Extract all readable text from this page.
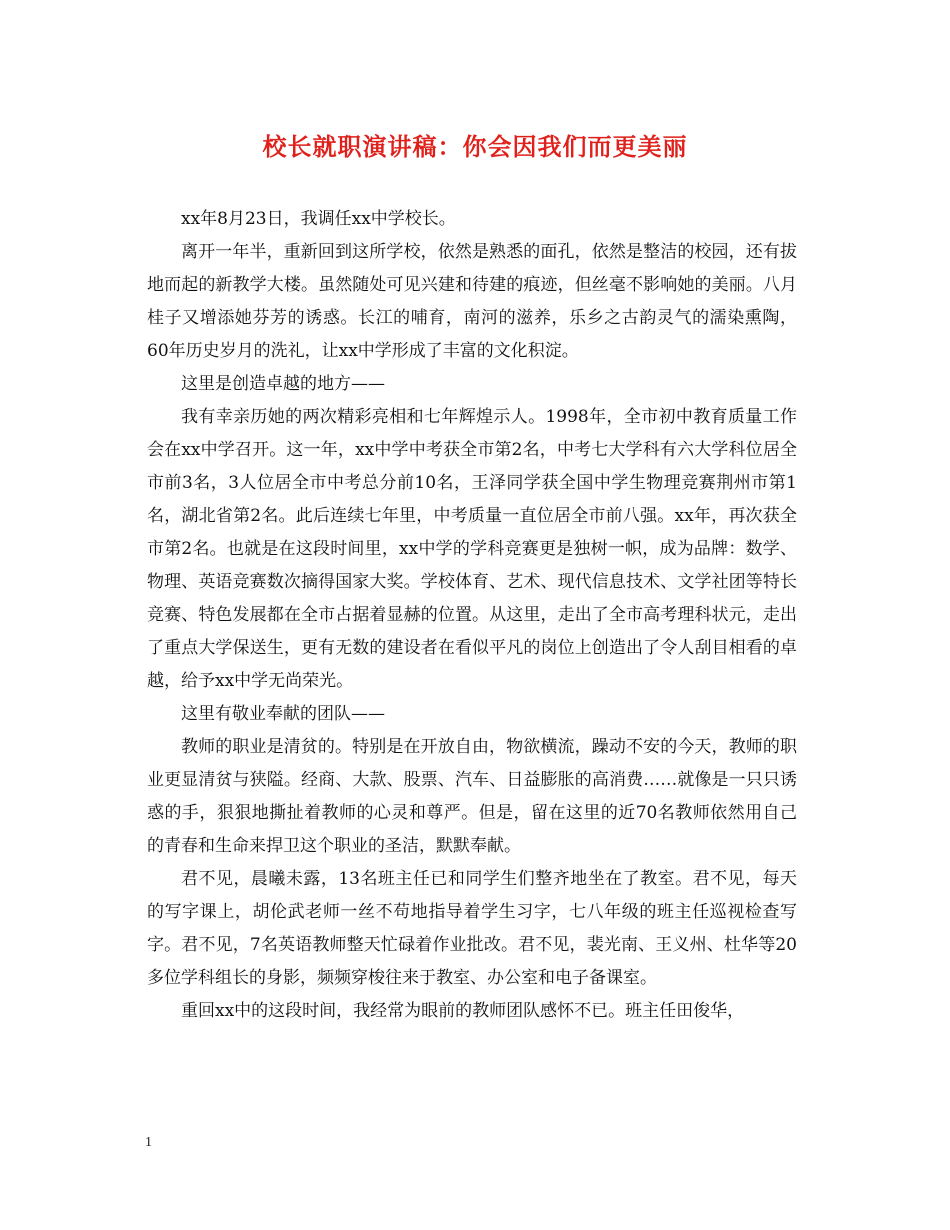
校长就职演讲稿：你会因我们而更美丽

xx年8月23日，我调任xx中学校长。

离开一年半，重新回到这所学校，依然是熟悉的面孔，依然是整洁的校园，还有拔地而起的新教学大楼。虽然随处可见兴建和待建的痕迹，但丝毫不影响她的美丽。八月桂子又增添她芬芳的诱惑。长江的哺育，南河的滋养，乐乡之古韵灵气的濡染熏陶，60年历史岁月的洗礼，让xx中学形成了丰富的文化积淀。

这里是创造卓越的地方——

我有幸亲历她的两次精彩亮相和七年辉煌示人。1998年，全市初中教育质量工作会在xx中学召开。这一年，xx中学中考获全市第2名，中考七大学科有六大学科位居全市前3名，3人位居全市中考总分前10名，王泽同学获全国中学生物理竞赛荆州市第1名，湖北省第2名。此后连续七年里，中考质量一直位居全市前八强。xx年，再次获全市第2名。也就是在这段时间里，xx中学的学科竞赛更是独树一帜，成为品牌：数学、物理、英语竞赛数次摘得国家大奖。学校体育、艺术、现代信息技术、文学社团等特长竞赛、特色发展都在全市占据着显赫的位置。从这里，走出了全市高考理科状元，走出了重点大学保送生，更有无数的建设者在看似平凡的岗位上创造出了令人刮目相看的卓越，给予xx中学无尚荣光。

这里有敬业奉献的团队——

教师的职业是清贫的。特别是在开放自由，物欲横流，躁动不安的今天，教师的职业更显清贫与狭隘。经商、大款、股票、汽车、日益膨胀的高消费……就像是一只只诱惑的手，狠狠地撕扯着教师的心灵和尊严。但是，留在这里的近70名教师依然用自己的青春和生命来捍卫这个职业的圣洁，默默奉献。

君不见，晨曦未露，13名班主任已和同学生们整齐地坐在了教室。君不见，每天的写字课上，胡伦武老师一丝不苟地指导着学生习字，七八年级的班主任巡视检查写字。君不见，7名英语教师整天忙碌着作业批改。君不见，裴光南、王义州、杜华等20多位学科组长的身影，频频穿梭往来于教室、办公室和电子备课室。

重回xx中的这段时间，我经常为眼前的教师团队感怀不已。班主任田俊华，

1
